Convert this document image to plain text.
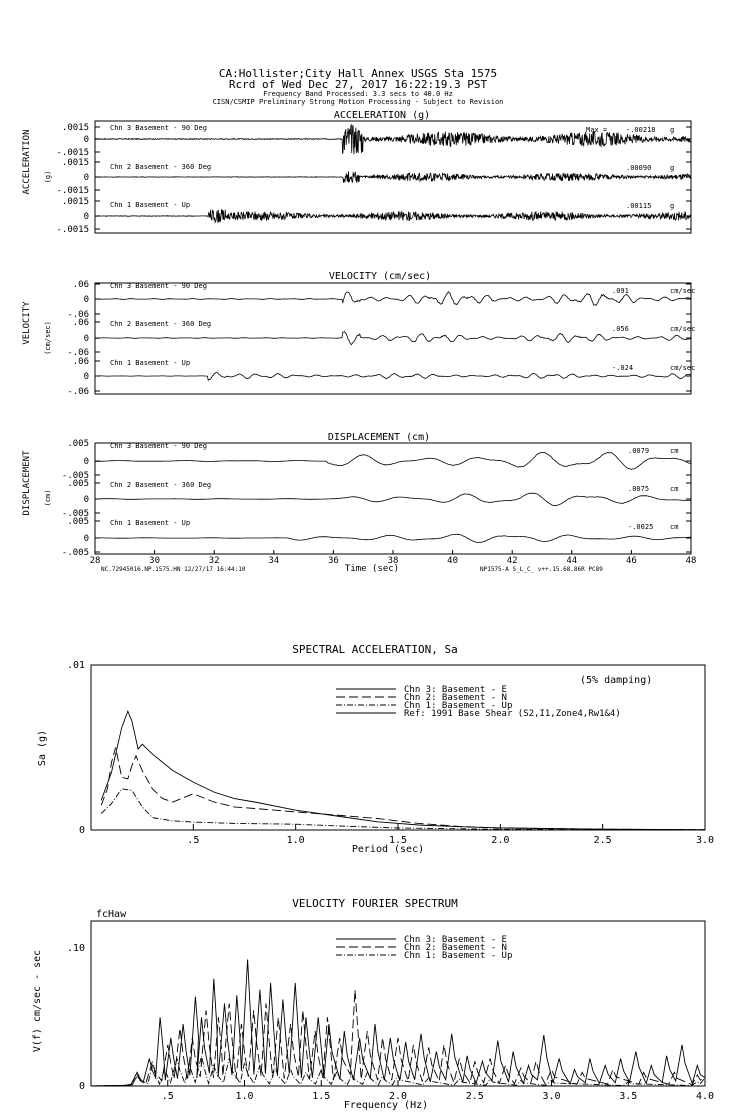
CA:Hollister;City Hall Annex USGS Sta 1575
Rcrd of Wed Dec 27, 2017 16:22:19.3 PST
Frequency Band Processed: 3.3 secs to 40.0 Hz
CISN/CSMIP Preliminary Strong Motion Processing - Subject to Revision
ACCELERATION (g)
ACCELERATION (g)
Max =
VELOCITY (cm/sec)
VELOCITY (cm/sec)
DISPLACEMENT (cm)
DISPLACEMENT (cm)
Time (sec)
NC.72945016.NP.1575.HN 12/27/17 16:44:10	NP1575-A S_L_C_ v++.15.68.86R PC89
SPECTRAL ACCELERATION, Sa
Sa (g)
.01
0
Period (sec)
(5% damping)
VELOCITY FOURIER SPECTRUM
fcHaw
V(f) cm/sec - sec
.10
0
Frequency (Hz)
.0015
0
-.0015
.0015
0
-.0015
.0015
0
-.0015
Chn 3 Basement - 90 Deg	-.00218 g
Chn 2 Basement - 360 Deg	.00090	g
Chn 1 Basement - Up	.00115	g
.06
0
-.06
.06
0
-.06
.06
0
-.06
Chn 3 Basement - 90 Deg
.091	cm/sec
Chn 2 Basement - 360 Deg
.056	cm/sec
Chn 1 Basement - Up
-.024	cm/sec
.005
0
-.005
.005
0
-.005
.005
0
-.005
Chn 3 Basement - 90 Deg
.0079	cm
Chn 2 Basement - 360 Deg	.0075	cm
Chn 1 Basement - Up	-.0025 cm
28	30	32	34	36	38	40	42	44	46	48
.5	1.0	1.5	2.0	2.5	3.0
Chn 3: Basement - E
Chn 2: Basement - N
Chn 1: Basement - Up
Ref: 1991 Base Shear (S2,I1,Zone4,Rw1&4)
.5	1.0	1.5	2.0	2.5	3.0	3.5	4.0
Chn 3: Basement - E
Chn 2: Basement - N
Chn 1: Basement - Up
